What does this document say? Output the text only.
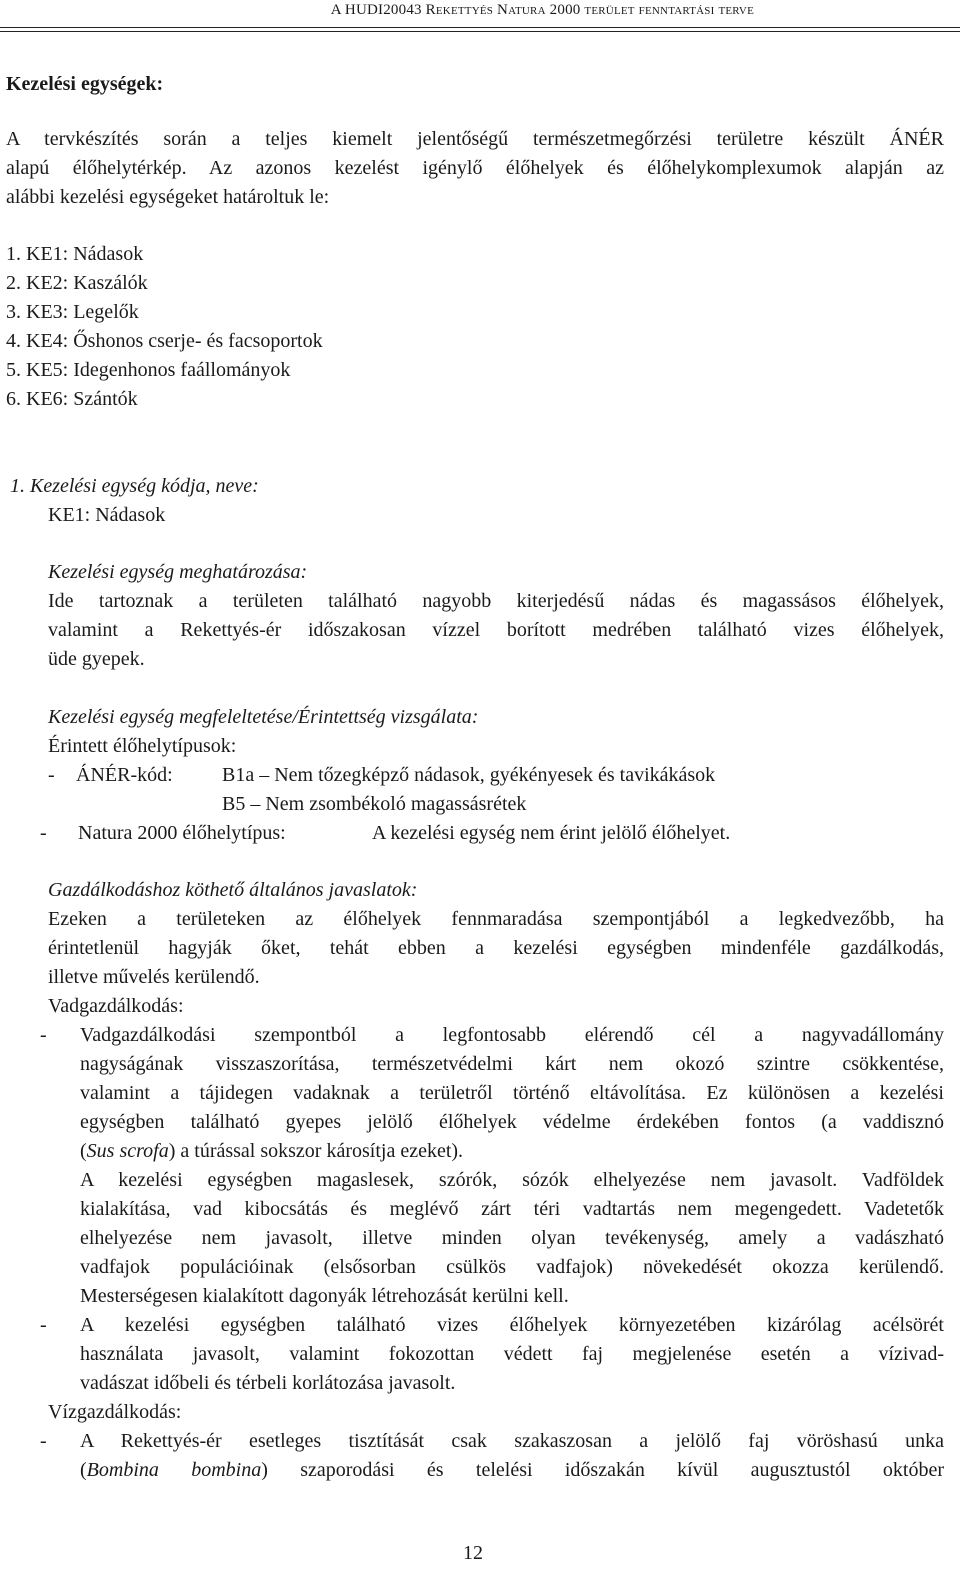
A HUDI20043 Rekettyés Natura 2000 terület fenntartási terve
Kezelési egységek:
A tervkészítés során a teljes kiemelt jelentőségű természetmegőrzési területre készült ÁNÉR
alapú élőhelytérkép. Az azonos kezelést igénylő élőhelyek és élőhelykomplexumok alapján az
alábbi kezelési egységeket határoltuk le:
1. KE1: Nádasok
2. KE2: Kaszálók
3. KE3: Legelők
4. KE4: Őshonos cserje- és facsoportok
5. KE5: Idegenhonos faállományok
6. KE6: Szántók
1. Kezelési egység kódja, neve:
KE1: Nádasok
Kezelési egység meghatározása:
Ide tartoznak a területen található nagyobb kiterjedésű nádas és magassásos élőhelyek,
valamint a Rekettyés-ér időszakosan vízzel borított medrében található vizes élőhelyek,
üde gyepek.
Kezelési egység megfeleltetése/Érintettség vizsgálata:
Érintett élőhelytípusok:
- ÁNÉR-kód: B1a – Nem tőzegképző nádasok, gyékényesek és tavikákások
B5 – Nem zsombékoló magassásrétek
- Natura 2000 élőhelytípus:	A kezelési egység nem érint jelölő élőhelyet.
Gazdálkodáshoz köthető általános javaslatok:
Ezeken a területeken az élőhelyek fennmaradása szempontjából a legkedvezőbb, ha
érintetlenül hagyják őket, tehát ebben a kezelési egységben mindenféle gazdálkodás,
illetve művelés kerülendő.
Vadgazdálkodás:
- Vadgazdálkodási szempontból a legfontosabb elérendő cél a nagyvadállomány
nagyságának visszaszorítása, természetvédelmi kárt nem okozó szintre csökkentése,
valamint a tájidegen vadaknak a területről történő eltávolítása. Ez különösen a kezelési
egységben található gyepes jelölő élőhelyek védelme érdekében fontos (a vaddisznó
(Sus scrofa) a túrással sokszor károsítja ezeket).
A kezelési egységben magaslesek, szórók, sózók elhelyezése nem javasolt. Vadföldek
kialakítása, vad kibocsátás és meglévő zárt téri vadtartás nem megengedett. Vadetetők
elhelyezése nem javasolt, illetve minden olyan tevékenység, amely a vadászható
vadfajok populációinak (elsősorban csülkös vadfajok) növekedését okozza kerülendő.
Mesterségesen kialakított dagonyák létrehozását kerülni kell.
- A kezelési egységben található vizes élőhelyek környezetében kizárólag acélsörét
használata javasolt, valamint fokozottan védett faj megjelenése esetén a vízivad-
vadászat időbeli és térbeli korlátozása javasolt.
Vízgazdálkodás:
- A Rekettyés-ér esetleges tisztítását csak szakaszosan a jelölő faj vöröshasú unka
(Bombina bombina) szaporodási és telelési időszakán kívül augusztustól október
12
